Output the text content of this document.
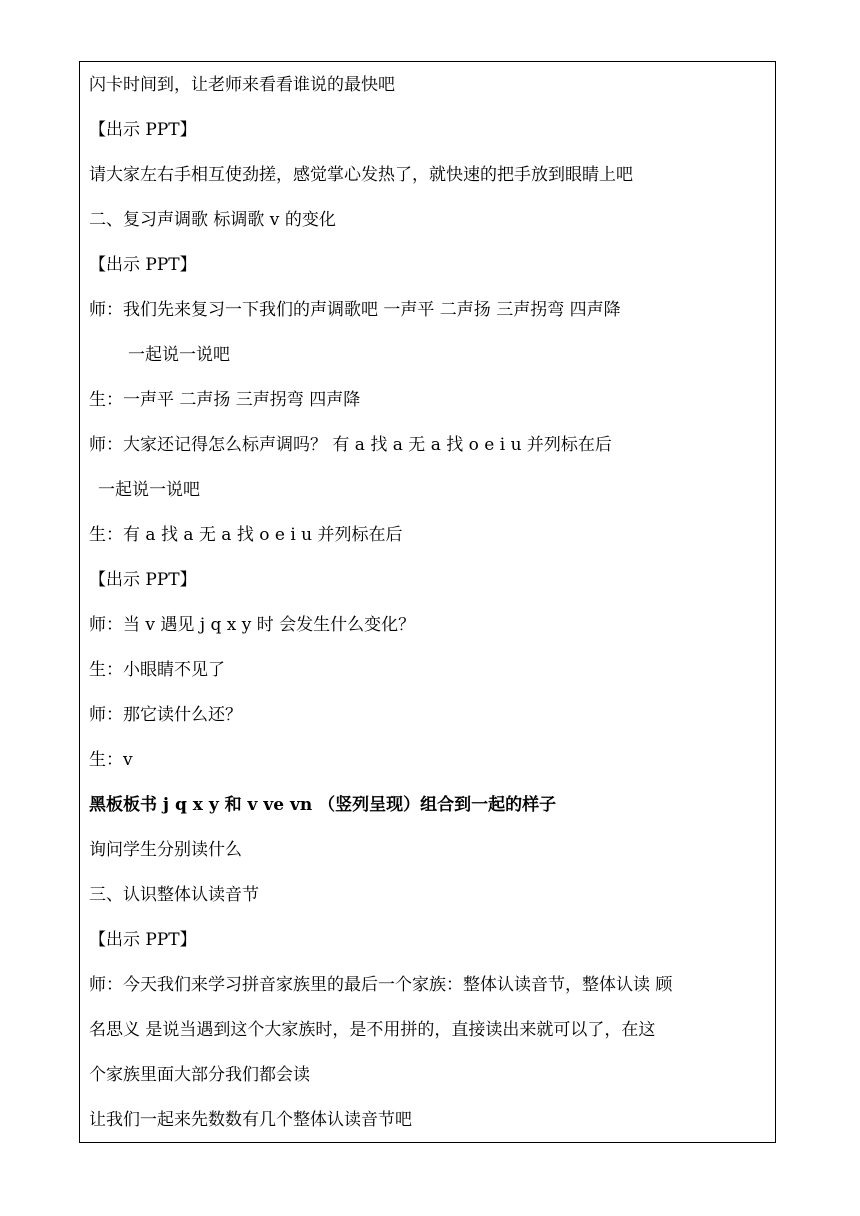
闪卡时间到，让老师来看看谁说的最快吧
【出示 PPT】
请大家左右手相互使劲搓，感觉掌心发热了，就快速的把手放到眼睛上吧
二、复习声调歌 标调歌 v 的变化
【出示 PPT】
师：我们先来复习一下我们的声调歌吧 一声平 二声扬 三声拐弯 四声降
一起说一说吧
生：一声平 二声扬 三声拐弯 四声降
师：大家还记得怎么标声调吗？ 有 a 找 a 无 a 找 o e i u 并列标在后
一起说一说吧
生：有 a 找 a 无 a 找 o e i u 并列标在后
【出示 PPT】
师：当 v 遇见 j q x y 时 会发生什么变化？
生：小眼睛不见了
师：那它读什么还？
生：v
黑板板书 j q x y 和 v ve vn （竖列呈现）组合到一起的样子
询问学生分别读什么
三、认识整体认读音节
【出示 PPT】
师：今天我们来学习拼音家族里的最后一个家族：整体认读音节，整体认读 顾
名思义 是说当遇到这个大家族时，是不用拼的，直接读出来就可以了，在这
个家族里面大部分我们都会读
让我们一起来先数数有几个整体认读音节吧
